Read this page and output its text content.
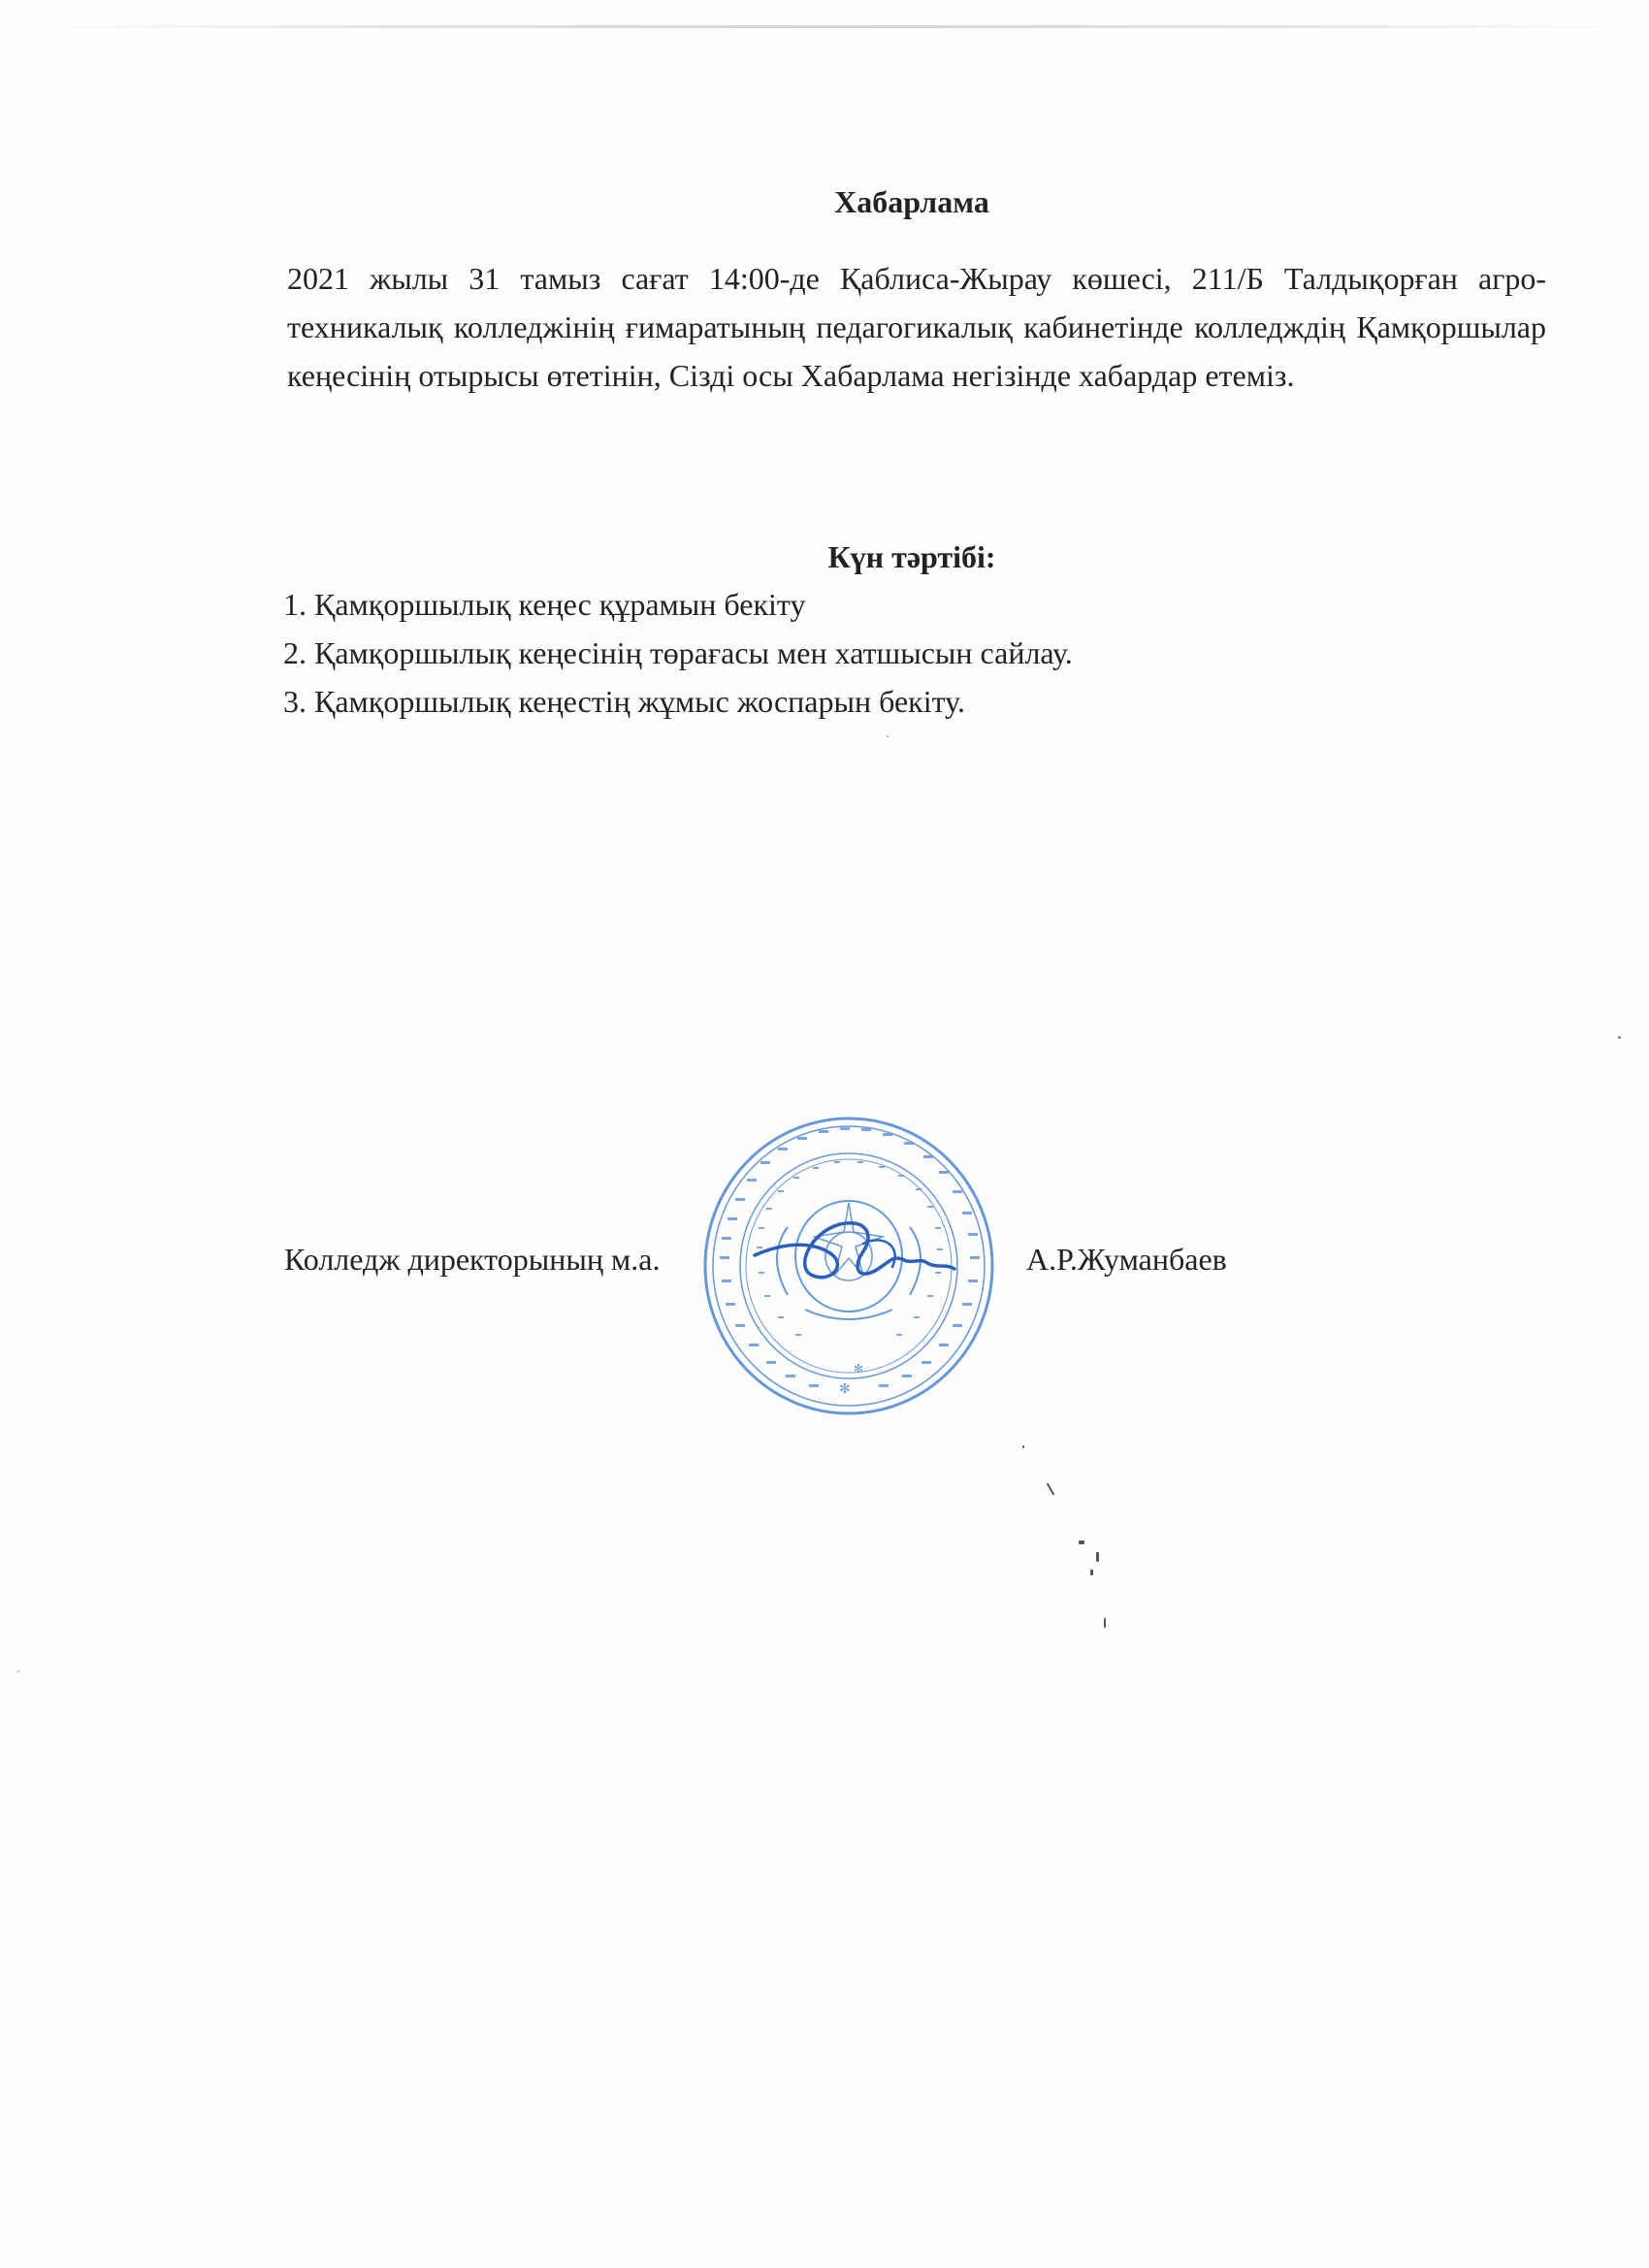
Хабарлама

2021 жылы 31 тамыз сағат 14:00-де Қаблиса-Жырау көшесі, 211/Б Талдықорған агро-техникалық колледжінің ғимаратының педагогикалық кабинетінде колледждің Қамқоршылар кеңесінің отырысы өтетінін, Сізді осы Хабарлама негізінде хабардар етеміз.

Күн тәртібі:
1. Қамқоршылық кеңес құрамын бекіту
2. Қамқоршылық кеңесінің төрағасы мен хатшысын сайлау.
3. Қамқоршылық кеңестің жұмыс жоспарын бекіту.
✻
✻
Колледж директорының м.а.	А.Р.Жуманбаев
